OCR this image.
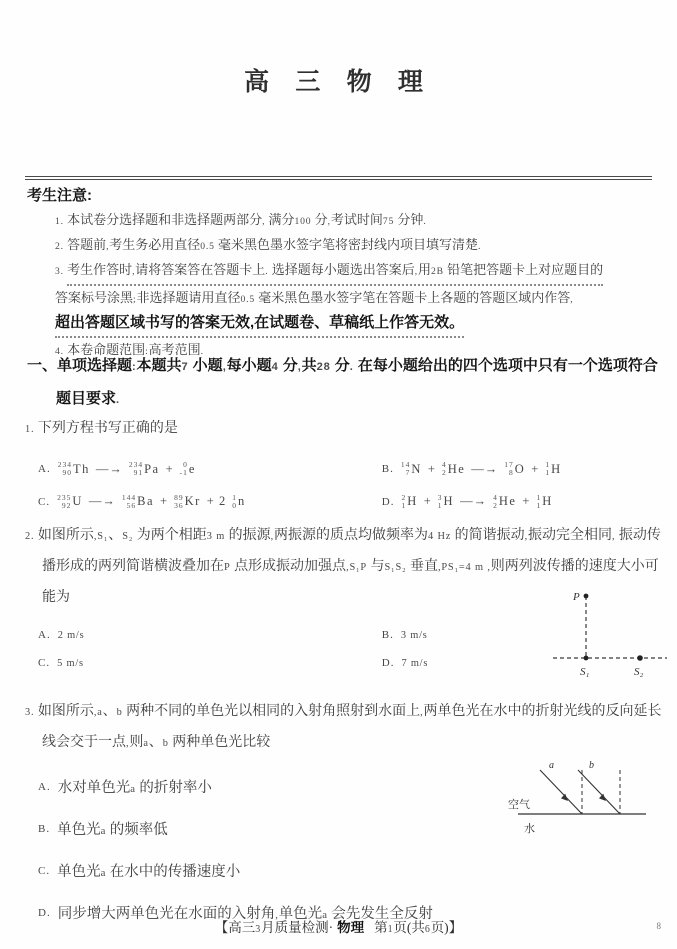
高 三 物 理
考生注意:

1. 本试卷分选择题和非选择题两部分, 满分100 分,考试时间75 分钟.

2. 答题前,考生务必用直径0.5 毫米黑色墨水签字笔将密封线内项目填写清楚.

3. 考生作答时,请将答案答在答题卡上. 选择题每小题选出答案后,用2B 铅笔把答题卡上对应题目的 答案标号涂黑;非选择题请用直径0.5 毫米黑色墨水签字笔在答题卡上各题的答题区域内作答, 超出答题区域书写的答案无效,在试题卷、草稿纸上作答无效。

4. 本卷命题范围:高考范围.

一、单项选择题:本题共7 小题,每小题4 分,共28 分. 在每小题给出的四个选项中只有一个选项符合题目要求.
1. 下列方程书写正确的是
A. 234
90 Th —→ 234
91 Pa + 0
-1 e	B. 14
7 N + 4
2 He —→ 17
8 O + 1
1 H
C. 235
92 U —→ 144
56 Ba + 89
36 Kr + 2 1
0 n	D. 2
1 H + 3
1 H —→ 4
2 He + 1
1 H
2. 如图所示,S₁、S₂ 为两个相距3 m 的振源,两振源的质点均做频率为4 Hz 的简谐振动,振动完全相同, 振动传播形成的两列简谐横波叠加在P 点形成振动加强点,S₁P 与S₁S₂ 垂直,PS₁=4 m ,则两列波传播的速度大小可能为
A. 2 m/s	B. 3 m/s
C. 5 m/s	D. 7 m/s
P
S₁	S₂
3. 如图所示,a、b 两种不同的单色光以相同的入射角照射到水面上,两单色光在水中的折射光线的反向延长线会交于一点,则a、b 两种单色光比较
A. 水对单色光a 的折射率小
B. 单色光a 的频率低
C. 单色光a 在水中的传播速度小
D. 同步增大两单色光在水面的入射角,单色光a 会先发生全反射
a	b
空气
水
【 高三3月质量检测· 物理 第1页(共6页) 】	8
